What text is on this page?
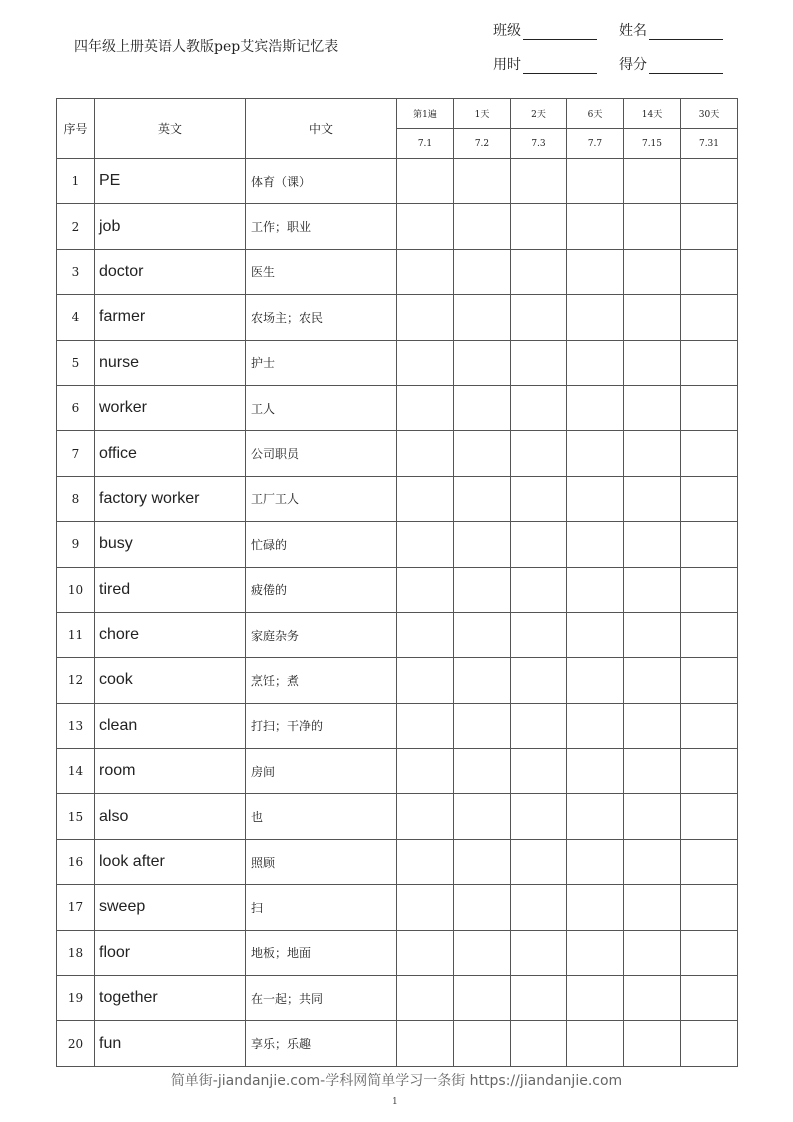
四年级上册英语人教版pep艾宾浩斯记忆表
班级	姓名
用时	得分
序号	英文	中文	第1遍	1天	2天	6天	14天	30天
			7.1	7.2	7.3	7.7	7.15	7.31
1	PE	体育（课）						
2	job	工作；职业						
3	doctor	医生						
4	farmer	农场主；农民						
5	nurse	护士						
6	worker	工人						
7	office	公司职员						
8	factory worker	工厂工人						
9	busy	忙碌的						
10	tired	疲倦的						
11	chore	家庭杂务						
12	cook	烹饪；煮						
13	clean	打扫；干净的						
14	room	房间						
15	also	也						
16	look after	照顾						
17	sweep	扫						
18	floor	地板；地面						
19	together	在一起；共同						
20	fun	享乐；乐趣						
简单街-jiandanjie.com-学科网简单学习一条街 https://jiandanjie.com
1
